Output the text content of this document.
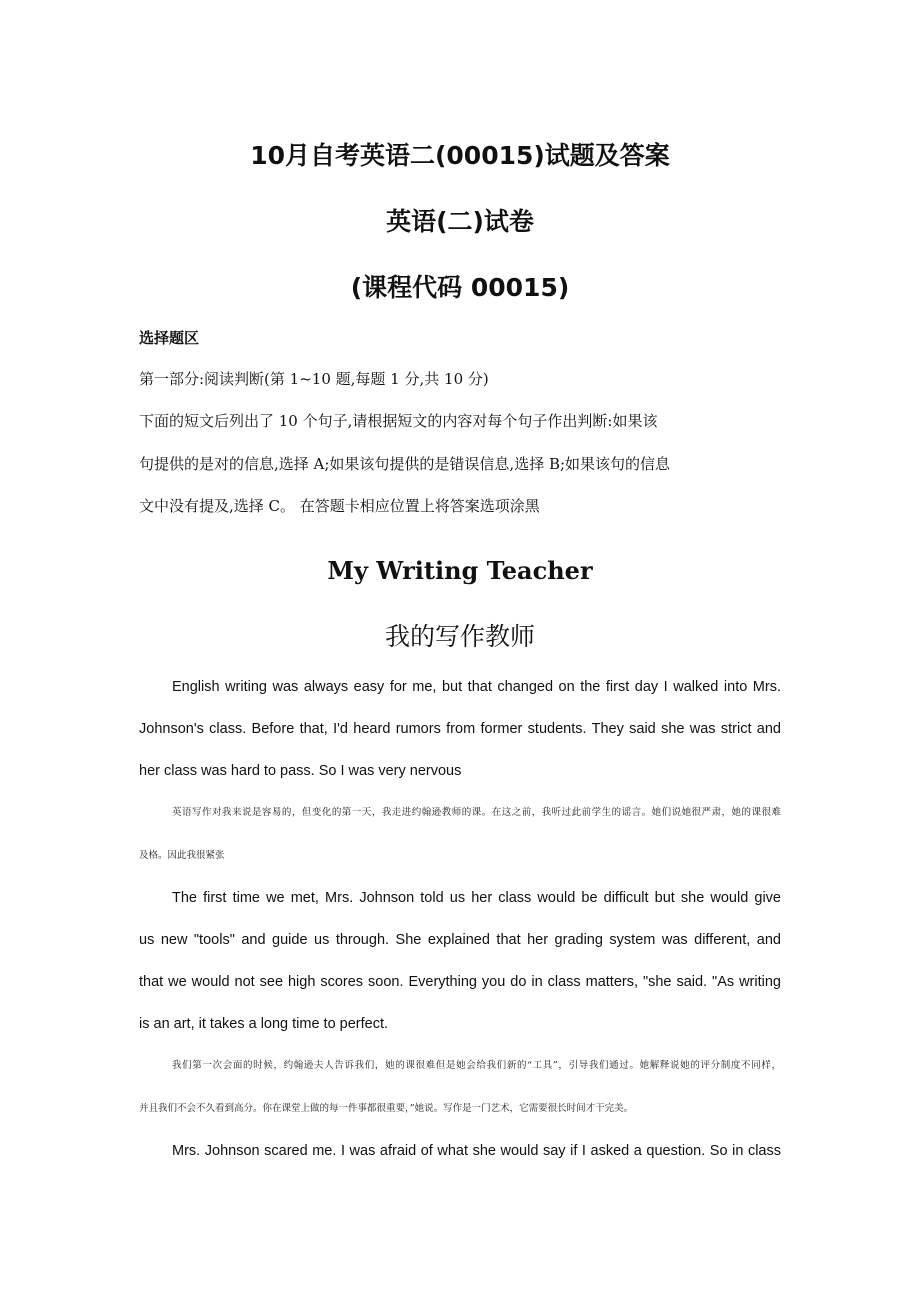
10月自考英语二(00015)试题及答案
英语(二)试卷
(课程代码 00015)
选择题区
第一部分:阅读判断(第 1~10 题,每题 1 分,共 10 分)
下面的短文后列出了 10 个句子,请根据短文的内容对每个句子作出判断:如果该
句提供的是对的信息,选择 A;如果该句提供的是错误信息,选择 B;如果该句的信息
文中没有提及,选择 C。 在答题卡相应位置上将答案选项涂黑
My Writing Teacher
我的写作教师
English writing was always easy for me, but that changed on the first day I walked into Mrs.
Johnson's class. Before that, I'd heard rumors from former students. They said she was strict and
her class was hard to pass. So I was very nervous
英语写作对我来说是容易的，但变化的第一天，我走进约翰逊教师的课。在这之前，我听过此前学生的谣言。她们说她很严肃，她的课很难
及格。因此我很紧张
The first time we met, Mrs. Johnson told us her class would be difficult but she would give
us new "tools" and guide us through. She explained that her grading system was different, and
that we would not see high scores soon. Everything you do in class matters, "she said. "As writing
is an art, it takes a long time to perfect.
我们第一次会面的时候，约翰逊夫人告诉我们，她的课很难但是她会给我们新的“工具”，引导我们通过。她解释说她的评分制度不同样，
并且我们不会不久看到高分。你在课堂上做的每一件事都很重要，”她说。写作是一门艺术，它需要很长时间才干完美。
Mrs. Johnson scared me. I was afraid of what she would say if I asked a question. So in class
